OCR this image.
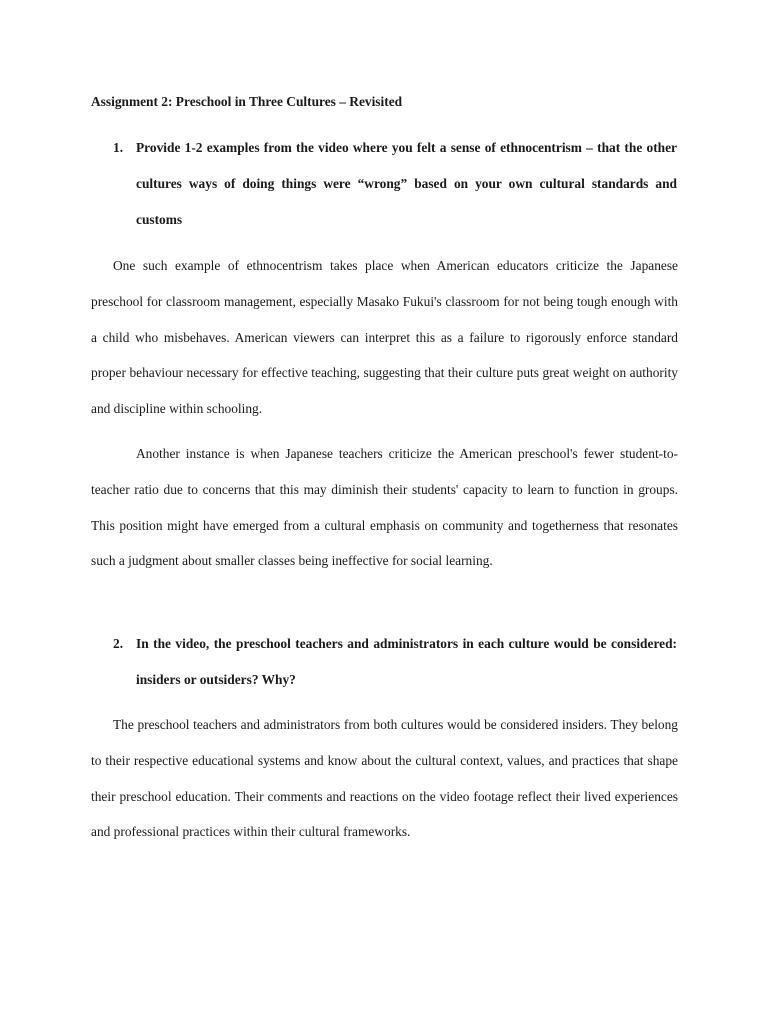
Assignment 2: Preschool in Three Cultures – Revisited
1. Provide 1-2 examples from the video where you felt a sense of ethnocentrism – that the other cultures ways of doing things were “wrong” based on your own cultural standards and customs

One such example of ethnocentrism takes place when American educators criticize the Japanese preschool for classroom management, especially Masako Fukui's classroom for not being tough enough with a child who misbehaves. American viewers can interpret this as a failure to rigorously enforce standard proper behaviour necessary for effective teaching, suggesting that their culture puts great weight on authority and discipline within schooling.

Another instance is when Japanese teachers criticize the American preschool's fewer student-to-teacher ratio due to concerns that this may diminish their students' capacity to learn to function in groups. This position might have emerged from a cultural emphasis on community and togetherness that resonates such a judgment about smaller classes being ineffective for social learning.

2. In the video, the preschool teachers and administrators in each culture would be considered: insiders or outsiders? Why?

The preschool teachers and administrators from both cultures would be considered insiders. They belong to their respective educational systems and know about the cultural context, values, and practices that shape their preschool education. Their comments and reactions on the video footage reflect their lived experiences and professional practices within their cultural frameworks.
